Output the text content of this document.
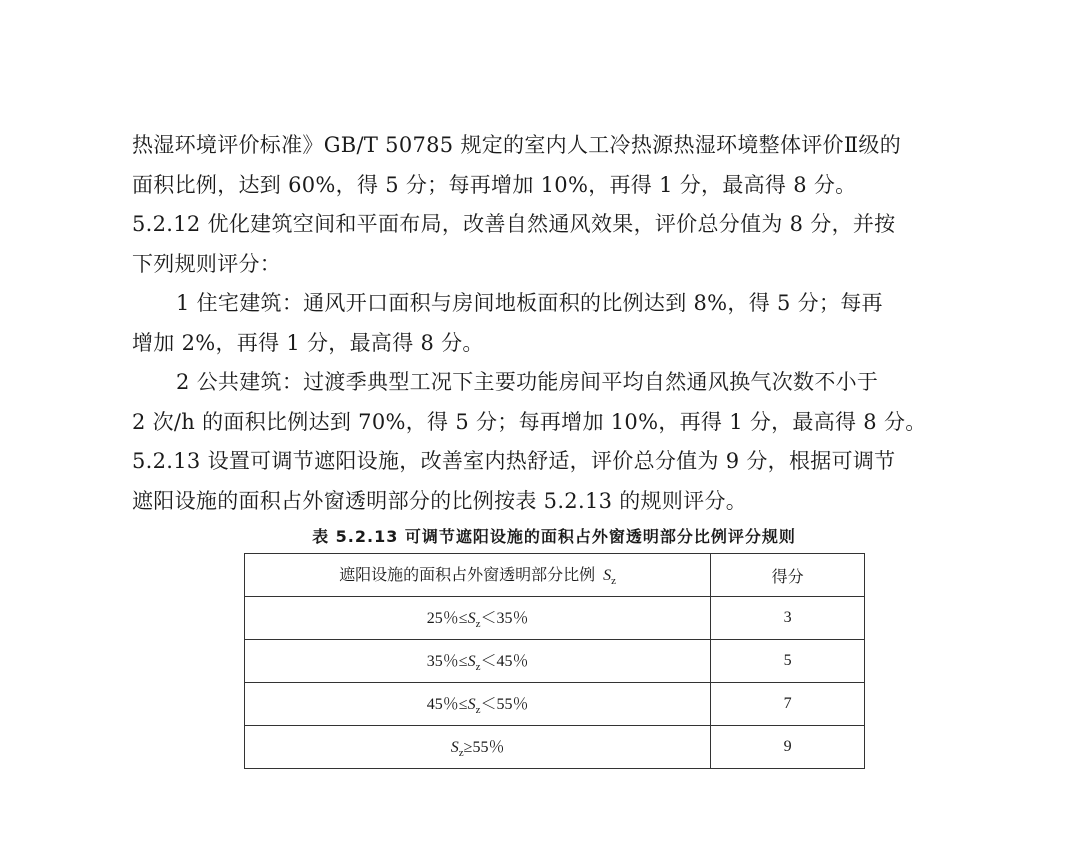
热湿环境评价标准》GB/T 50785 规定的室内人工冷热源热湿环境整体评价Ⅱ级的
面积比例，达到 60%，得 5 分；每再增加 10%，再得 1 分，最高得 8 分。
5.2.12 优化建筑空间和平面布局，改善自然通风效果，评价总分值为 8 分，并按
下列规则评分：
1 住宅建筑：通风开口面积与房间地板面积的比例达到 8%，得 5 分；每再
增加 2%，再得 1 分，最高得 8 分。
2 公共建筑：过渡季典型工况下主要功能房间平均自然通风换气次数不小于
2 次/h 的面积比例达到 70%，得 5 分；每再增加 10%，再得 1 分，最高得 8 分。
5.2.13 设置可调节遮阳设施，改善室内热舒适，评价总分值为 9 分，根据可调节
遮阳设施的面积占外窗透明部分的比例按表 5.2.13 的规则评分。
表 5.2.13 可调节遮阳设施的面积占外窗透明部分比例评分规则
遮阳设施的面积占外窗透明部分比例 $S_z$	得分
25％$\le S_z<35$％	3
35％$\le S_z<45$％	5
45％$\le S_z<55$％	7
$S_z\ge 55$％	9
